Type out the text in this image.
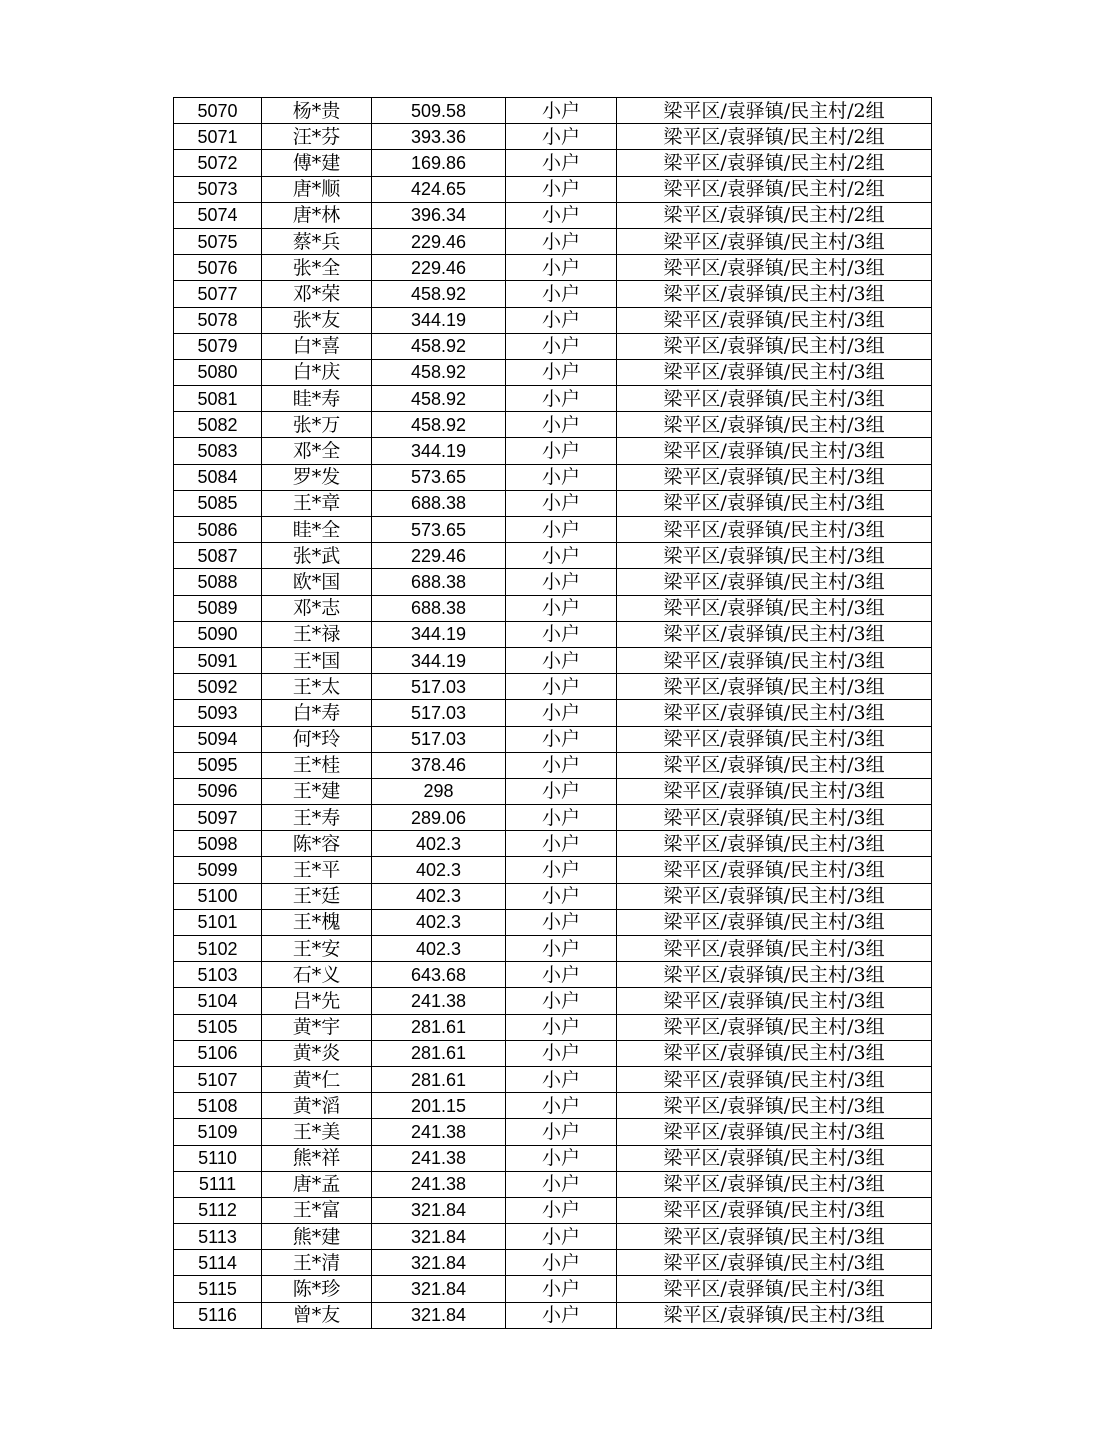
5070	杨*贵	509.58	小户	梁平区/袁驿镇/民主村/2组
5071	汪*芬	393.36	小户	梁平区/袁驿镇/民主村/2组
5072	傅*建	169.86	小户	梁平区/袁驿镇/民主村/2组
5073	唐*顺	424.65	小户	梁平区/袁驿镇/民主村/2组
5074	唐*林	396.34	小户	梁平区/袁驿镇/民主村/2组
5075	蔡*兵	229.46	小户	梁平区/袁驿镇/民主村/3组
5076	张*全	229.46	小户	梁平区/袁驿镇/民主村/3组
5077	邓*荣	458.92	小户	梁平区/袁驿镇/民主村/3组
5078	张*友	344.19	小户	梁平区/袁驿镇/民主村/3组
5079	白*喜	458.92	小户	梁平区/袁驿镇/民主村/3组
5080	白*庆	458.92	小户	梁平区/袁驿镇/民主村/3组
5081	眭*寿	458.92	小户	梁平区/袁驿镇/民主村/3组
5082	张*万	458.92	小户	梁平区/袁驿镇/民主村/3组
5083	邓*全	344.19	小户	梁平区/袁驿镇/民主村/3组
5084	罗*发	573.65	小户	梁平区/袁驿镇/民主村/3组
5085	王*章	688.38	小户	梁平区/袁驿镇/民主村/3组
5086	眭*全	573.65	小户	梁平区/袁驿镇/民主村/3组
5087	张*武	229.46	小户	梁平区/袁驿镇/民主村/3组
5088	欧*国	688.38	小户	梁平区/袁驿镇/民主村/3组
5089	邓*志	688.38	小户	梁平区/袁驿镇/民主村/3组
5090	王*禄	344.19	小户	梁平区/袁驿镇/民主村/3组
5091	王*国	344.19	小户	梁平区/袁驿镇/民主村/3组
5092	王*太	517.03	小户	梁平区/袁驿镇/民主村/3组
5093	白*寿	517.03	小户	梁平区/袁驿镇/民主村/3组
5094	何*玲	517.03	小户	梁平区/袁驿镇/民主村/3组
5095	王*桂	378.46	小户	梁平区/袁驿镇/民主村/3组
5096	王*建	298	小户	梁平区/袁驿镇/民主村/3组
5097	王*寿	289.06	小户	梁平区/袁驿镇/民主村/3组
5098	陈*容	402.3	小户	梁平区/袁驿镇/民主村/3组
5099	王*平	402.3	小户	梁平区/袁驿镇/民主村/3组
5100	王*廷	402.3	小户	梁平区/袁驿镇/民主村/3组
5101	王*槐	402.3	小户	梁平区/袁驿镇/民主村/3组
5102	王*安	402.3	小户	梁平区/袁驿镇/民主村/3组
5103	石*义	643.68	小户	梁平区/袁驿镇/民主村/3组
5104	吕*先	241.38	小户	梁平区/袁驿镇/民主村/3组
5105	黄*宇	281.61	小户	梁平区/袁驿镇/民主村/3组
5106	黄*炎	281.61	小户	梁平区/袁驿镇/民主村/3组
5107	黄*仁	281.61	小户	梁平区/袁驿镇/民主村/3组
5108	黄*滔	201.15	小户	梁平区/袁驿镇/民主村/3组
5109	王*美	241.38	小户	梁平区/袁驿镇/民主村/3组
5110	熊*祥	241.38	小户	梁平区/袁驿镇/民主村/3组
5111	唐*孟	241.38	小户	梁平区/袁驿镇/民主村/3组
5112	王*富	321.84	小户	梁平区/袁驿镇/民主村/3组
5113	熊*建	321.84	小户	梁平区/袁驿镇/民主村/3组
5114	王*清	321.84	小户	梁平区/袁驿镇/民主村/3组
5115	陈*珍	321.84	小户	梁平区/袁驿镇/民主村/3组
5116	曾*友	321.84	小户	梁平区/袁驿镇/民主村/3组
